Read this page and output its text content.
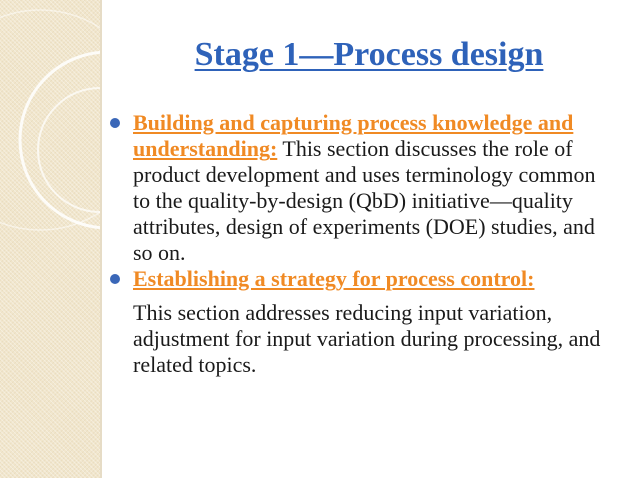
Stage 1—Process design
Building and capturing process knowledge and understanding: This section discusses the role of product development and uses terminology common to the quality-by-design (QbD) initiative—quality attributes, design of experiments (DOE) studies, and so on.
Establishing a strategy for process control:
This section addresses reducing input variation, adjustment for input variation during processing, and related topics.
